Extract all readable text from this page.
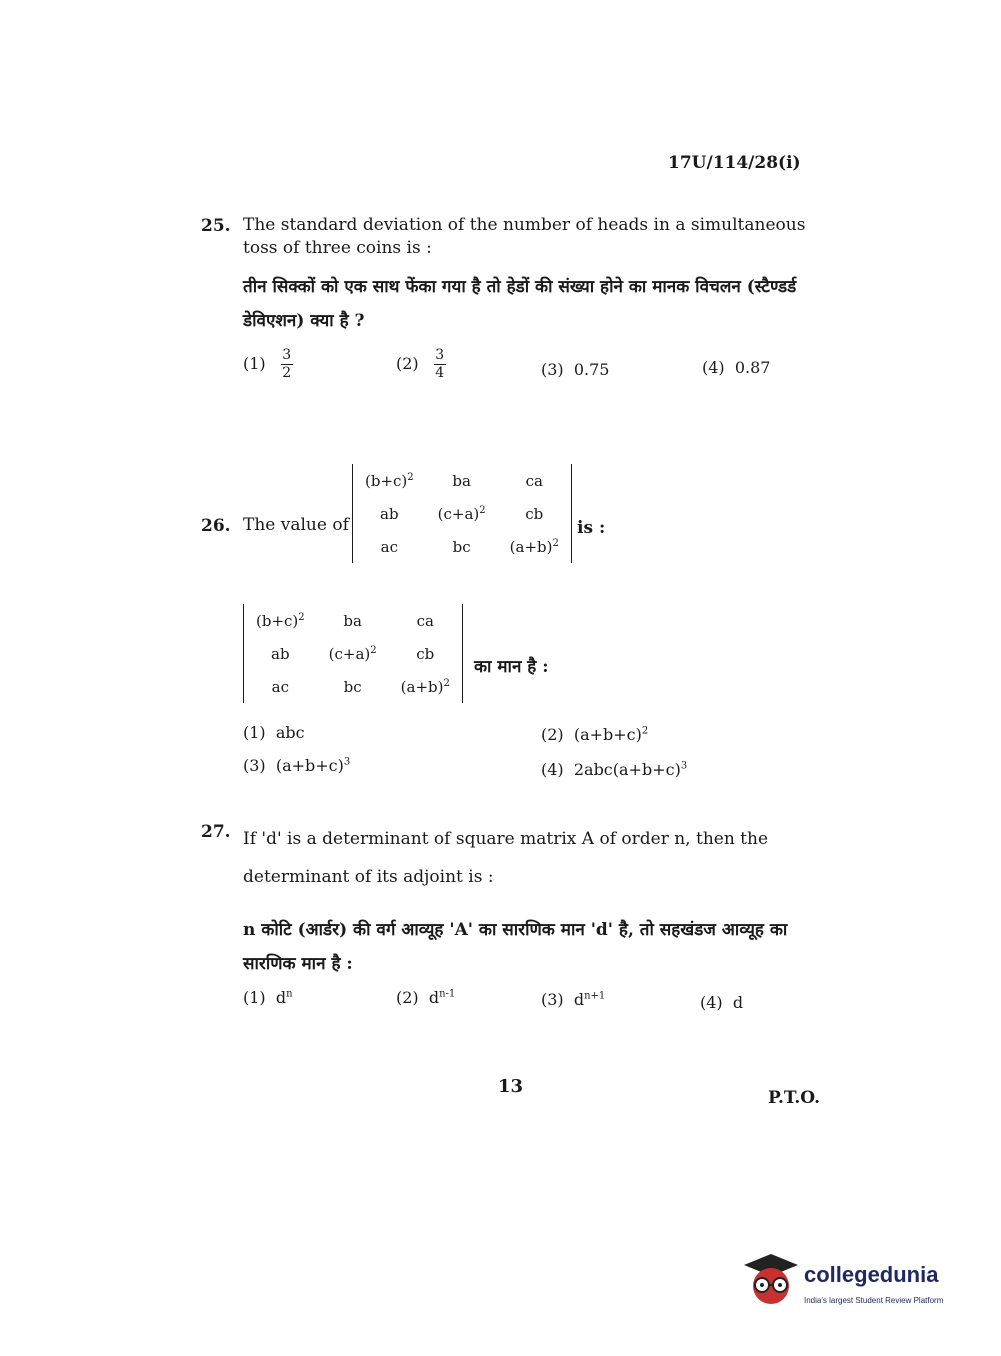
17U/114/28(i)
25. The standard deviation of the number of heads in a simultaneous toss of three coins is :
तीन सिक्कों को एक साथ फेंका गया है तो हेडों की संख्या होने का मानक विचलन (स्टैण्डर्ड डेविएशन) क्या है ?
$(1) \frac{3}{2}$	$(2) \frac{3}{4}$	(3) 0.75	(4) 0.87
26. The value of
$(b+c)^2$	ba	ca
ab	$(c+a)^2$	cb
ac	bc	$(a+b)^2$
is :
$(b+c)^2$	ba	ca
ab	$(c+a)^2$	cb
ac	bc	$(a+b)^2$
का मान है :
(1) abc	(2) $(a+b+c)^2$
(3) $(a+b+c)^3$	(4) $2abc(a+b+c)^3$
27. If 'd' is a determinant of square matrix A of order n, then the determinant of its adjoint is :
n कोटि (आर्डर) की वर्ग आव्यूह 'A' का सारणिक मान 'd' है, तो सहखंडज आव्यूह का सारणिक मान है :
(1) $d^n$	(2) $d^{n-1}$	(3) $d^{n+1}$	(4) d
13
P.T.O.
collegedunia
India's largest Student Review Platform
